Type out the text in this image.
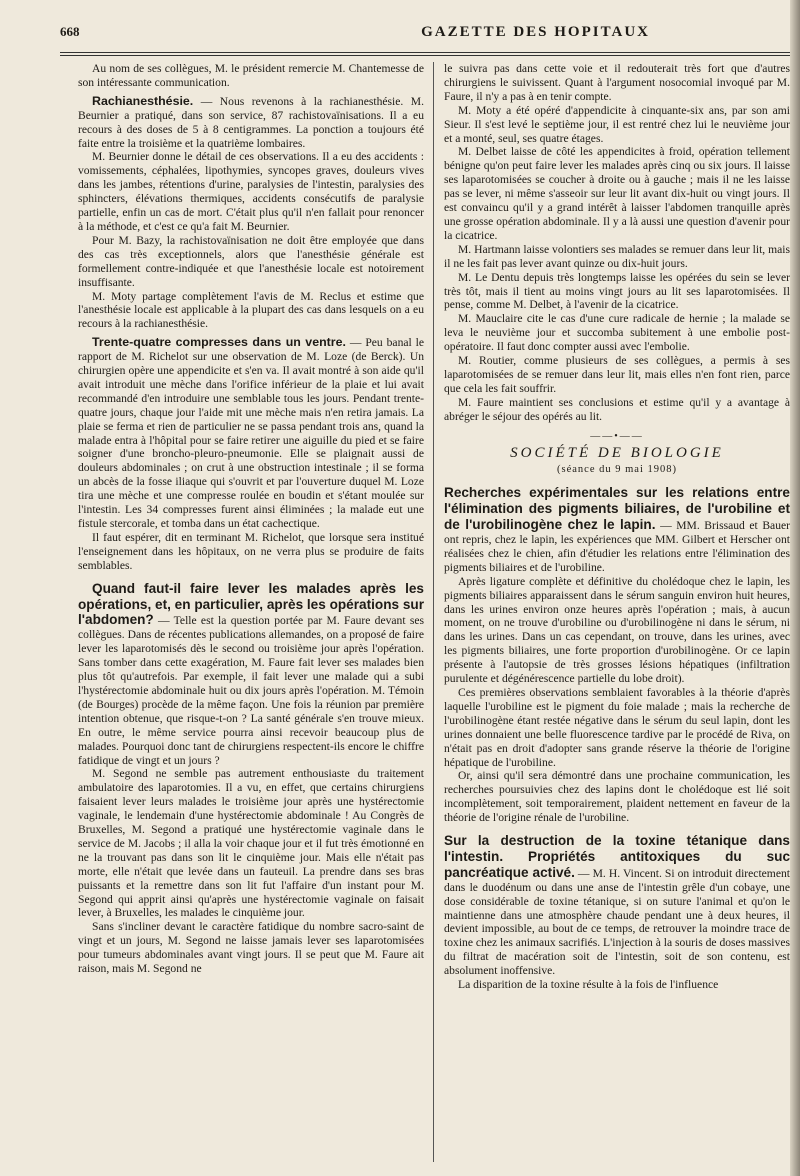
668	GAZETTE DES HOPITAUX

Au nom de ses collègues, M. le président remercie M. Chantemesse de son intéressante communication.

Rachianesthésie. — Nous revenons à la rachianesthésie. M. Beurnier a pratiqué, dans son service, 87 rachistovaïnisations. Il a eu recours à des doses de 5 à 8 centigrammes. La ponction a toujours été faite entre la troisième et la quatrième lombaires.

M. Beurnier donne le détail de ces observations. Il a eu des accidents : vomissements, céphalées, lipothymies, syncopes graves, douleurs vives dans les jambes, rétentions d'urine, paralysies de l'intestin, paralysies des sphincters, élévations thermiques, accidents consécutifs de paralysie partielle, enfin un cas de mort. C'était plus qu'il n'en fallait pour renoncer à la méthode, et c'est ce qu'a fait M. Beurnier.

Pour M. Bazy, la rachistovaïnisation ne doit être employée que dans des cas très exceptionnels, alors que l'anesthésie générale est formellement contre-indiquée et que l'anesthésie locale est notoirement insuffisante.

M. Moty partage complètement l'avis de M. Reclus et estime que l'anesthésie locale est applicable à la plupart des cas dans lesquels on a eu recours à la rachianesthésie.

Trente-quatre compresses dans un ventre. — Peu banal le rapport de M. Richelot sur une observation de M. Loze (de Berck). Un chirurgien opère une appendicite et s'en va. Il avait montré à son aide qu'il avait introduit une mèche dans l'orifice inférieur de la plaie et lui avait recommandé d'en introduire une semblable tous les jours. Pendant trente-quatre jours, chaque jour l'aide mit une mèche mais n'en retira jamais. La plaie se ferma et rien de particulier ne se passa pendant trois ans, quand la malade entra à l'hôpital pour se faire retirer une aiguille du pied et se faire soigner d'une broncho-pleuro-pneumonie. Elle se plaignait aussi de douleurs abdominales ; on crut à une obstruction intestinale ; il se forma un abcès de la fosse iliaque qui s'ouvrit et par l'ouverture duquel M. Loze tira une mèche et une compresse roulée en boudin et s'étant moulée sur l'intestin. Les 34 compresses furent ainsi éliminées ; la malade eut une fistule stercorale, et tomba dans un état cachectique.

Il faut espérer, dit en terminant M. Richelot, que lorsque sera institué l'enseignement dans les hôpitaux, on ne verra plus se produire de faits semblables.

Quand faut-il faire lever les malades après les opérations, et, en particulier, après les opérations sur l'abdomen? — Telle est la question portée par M. Faure devant ses collègues. Dans de récentes publications allemandes, on a proposé de faire lever les laparotomisés dès le second ou troisième jour après l'opération. Sans tomber dans cette exagération, M. Faure fait lever ses malades bien plus tôt qu'autrefois. Par exemple, il fait lever une malade qui a subi l'hystérectomie abdominale huit ou dix jours après l'opération. M. Témoin (de Bourges) procède de la même façon. Une fois la réunion par première intention obtenue, que risque-t-on ? La santé générale s'en trouve mieux. En outre, le même service pourra ainsi recevoir beaucoup plus de malades. Pourquoi donc tant de chirurgiens respectent-ils encore le chiffre fatidique de vingt et un jours ?

M. Segond ne semble pas autrement enthousiaste du traitement ambulatoire des laparotomies. Il a vu, en effet, que certains chirurgiens faisaient lever leurs malades le troisième jour après une hystérectomie vaginale, le lendemain d'une hystérectomie abdominale ! Au Congrès de Bruxelles, M. Segond a pratiqué une hystérectomie vaginale dans le service de M. Jacobs ; il alla la voir chaque jour et il fut très émotionné en ne la trouvant pas dans son lit le cinquième jour. Mais elle n'était pas morte, elle n'était que levée dans un fauteuil. La prendre dans ses bras puissants et la remettre dans son lit fut l'affaire d'un instant pour M. Segond qui apprit ainsi qu'après une hystérectomie vaginale on faisait lever, à Bruxelles, les malades le cinquième jour.

Sans s'incliner devant le caractère fatidique du nombre sacro-saint de vingt et un jours, M. Segond ne laisse jamais lever ses laparotomisées pour tumeurs abdominales avant vingt jours. Il se peut que M. Faure ait raison, mais M. Segond ne

le suivra pas dans cette voie et il redouterait très fort que d'autres chirurgiens le suivissent. Quant à l'argument nosocomial invoqué par M. Faure, il n'y a pas à en tenir compte.

M. Moty a été opéré d'appendicite à cinquante-six ans, par son ami Sieur. Il s'est levé le septième jour, il est rentré chez lui le neuvième jour et a monté, seul, ses quatre étages.

M. Delbet laisse de côté les appendicites à froid, opération tellement bénigne qu'on peut faire lever les malades après cinq ou six jours. Il laisse ses laparotomisées se coucher à droite ou à gauche ; mais il ne les laisse pas se lever, ni même s'asseoir sur leur lit avant dix-huit ou vingt jours. Il est convaincu qu'il y a grand intérêt à laisser l'abdomen tranquille après une grosse opération abdominale. Il y a là aussi une question d'avenir pour la cicatrice.

M. Hartmann laisse volontiers ses malades se remuer dans leur lit, mais il ne les fait pas lever avant quinze ou dix-huit jours.

M. Le Dentu depuis très longtemps laisse les opérées du sein se lever très tôt, mais il tient au moins vingt jours au lit ses laparotomisées. Il pense, comme M. Delbet, à l'avenir de la cicatrice.

M. Mauclaire cite le cas d'une cure radicale de hernie ; la malade se leva le neuvième jour et succomba subitement à une embolie post-opératoire. Il faut donc compter aussi avec l'embolie.

M. Routier, comme plusieurs de ses collègues, a permis à ses laparotomisées de se remuer dans leur lit, mais elles n'en font rien, parce que cela les fait souffrir.

M. Faure maintient ses conclusions et estime qu'il y a avantage à abréger le séjour des opérés au lit.

——•——
SOCIÉTÉ DE BIOLOGIE
(séance du 9 mai 1908)

Recherches expérimentales sur les relations entre l'élimination des pigments biliaires, de l'urobiline et de l'urobilinogène chez le lapin. — MM. Brissaud et Bauer ont repris, chez le lapin, les expériences que MM. Gilbert et Herscher ont réalisées chez le chien, afin d'étudier les relations entre l'élimination des pigments biliaires et de l'urobiline.

Après ligature complète et définitive du cholédoque chez le lapin, les pigments biliaires apparaissent dans le sérum sanguin environ huit heures, dans les urines environ onze heures après l'opération ; mais, à aucun moment, on ne trouve d'urobiline ou d'urobilinogène ni dans le sérum, ni dans les urines. Dans un cas cependant, on trouve, dans les urines, avec les pigments biliaires, une forte proportion d'urobilinogène. Or ce lapin présente à l'autopsie de très grosses lésions hépatiques (infiltration purulente et dégénérescence partielle du lobe droit).

Ces premières observations semblaient favorables à la théorie d'après laquelle l'urobiline est le pigment du foie malade ; mais la recherche de l'urobilinogène étant restée négative dans le sérum du seul lapin, dont les urines donnaient une belle fluorescence tardive par le procédé de Riva, on n'était pas en droit d'adopter sans grande réserve la théorie de l'origine hépatique de l'urobiline.

Or, ainsi qu'il sera démontré dans une prochaine communication, les recherches poursuivies chez des lapins dont le cholédoque est lié soit incomplètement, soit temporairement, plaident nettement en faveur de la théorie de l'origine rénale de l'urobiline.

Sur la destruction de la toxine tétanique dans l'intestin. Propriétés antitoxiques du suc pancréatique activé. — M. H. Vincent. Si on introduit directement dans le duodénum ou dans une anse de l'intestin grêle d'un cobaye, une dose considérable de toxine tétanique, si on suture l'animal et qu'on le maintienne dans une atmosphère chaude pendant une à deux heures, il devient impossible, au bout de ce temps, de retrouver la moindre trace de toxine chez les animaux sacrifiés. L'injection à la souris de doses massives du filtrat de macération soit de l'intestin, soit de son contenu, est absolument inoffensive.

La disparition de la toxine résulte à la fois de l'influence
